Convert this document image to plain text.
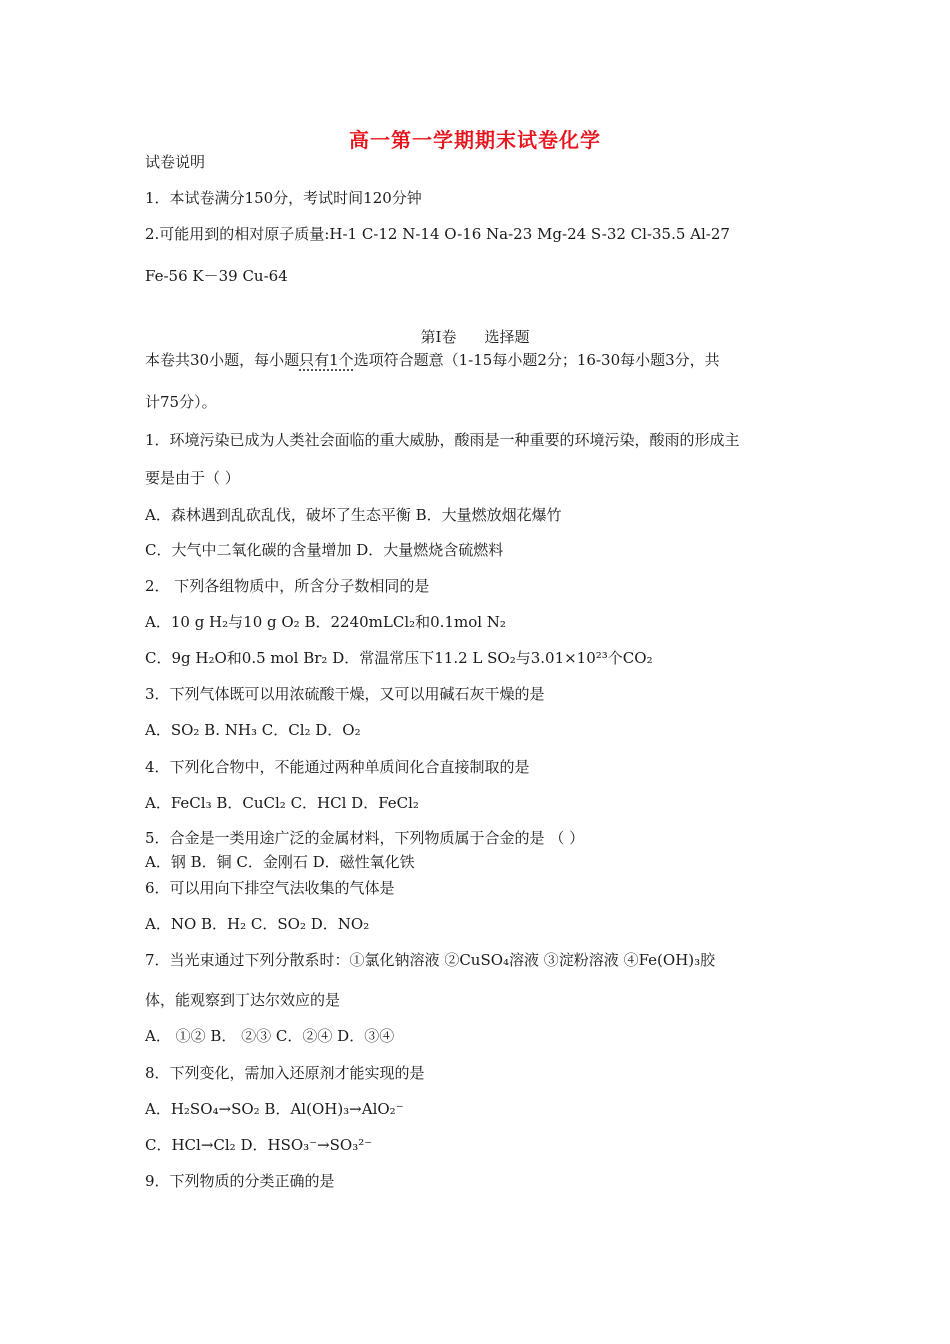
高一第一学期期末试卷化学
试卷说明
1．本试卷满分150分，考试时间120分钟
2.可能用到的相对原子质量:H-1 C-12 N-14 O-16 Na-23 Mg-24 S-32 Cl-35.5 Al-27
Fe-56 K－39 Cu-64
第Ⅰ卷 选择题
本卷共30小题，每小题只有1个选项符合题意（1-15每小题2分；16-30每小题3分，共
计75分）。
1．环境污染已成为人类社会面临的重大威胁，酸雨是一种重要的环境污染，酸雨的形成主
要是由于（ ）
A．森林遇到乱砍乱伐，破坏了生态平衡 B．大量燃放烟花爆竹
C．大气中二氧化碳的含量增加 D．大量燃烧含硫燃料
2． 下列各组物质中，所含分子数相同的是
A．10 g H₂与10 g O₂ B．2240mLCl₂和0.1mol N₂
C．9g H₂O和0.5 mol Br₂ D．常温常压下11.2 L SO₂与3.01×10²³个CO₂
3．下列气体既可以用浓硫酸干燥，又可以用碱石灰干燥的是
A．SO₂ B. NH₃ C．Cl₂ D．O₂
4．下列化合物中，不能通过两种单质间化合直接制取的是
A．FeCl₃ B．CuCl₂ C．HCl D．FeCl₂
5．合金是一类用途广泛的金属材料，下列物质属于合金的是 （ ）
A．钢 B．铜 C．金刚石 D．磁性氧化铁
6．可以用向下排空气法收集的气体是
A．NO B．H₂ C．SO₂ D．NO₂
7．当光束通过下列分散系时：①氯化钠溶液 ②CuSO₄溶液 ③淀粉溶液 ④Fe(OH)₃胶
体，能观察到丁达尔效应的是
A． ①② B． ②③ C．②④ D．③④
8．下列变化，需加入还原剂才能实现的是
A．H₂SO₄→SO₂ B．Al(OH)₃→AlO₂⁻
C．HCl→Cl₂ D．HSO₃⁻→SO₃²⁻
9．下列物质的分类正确的是
